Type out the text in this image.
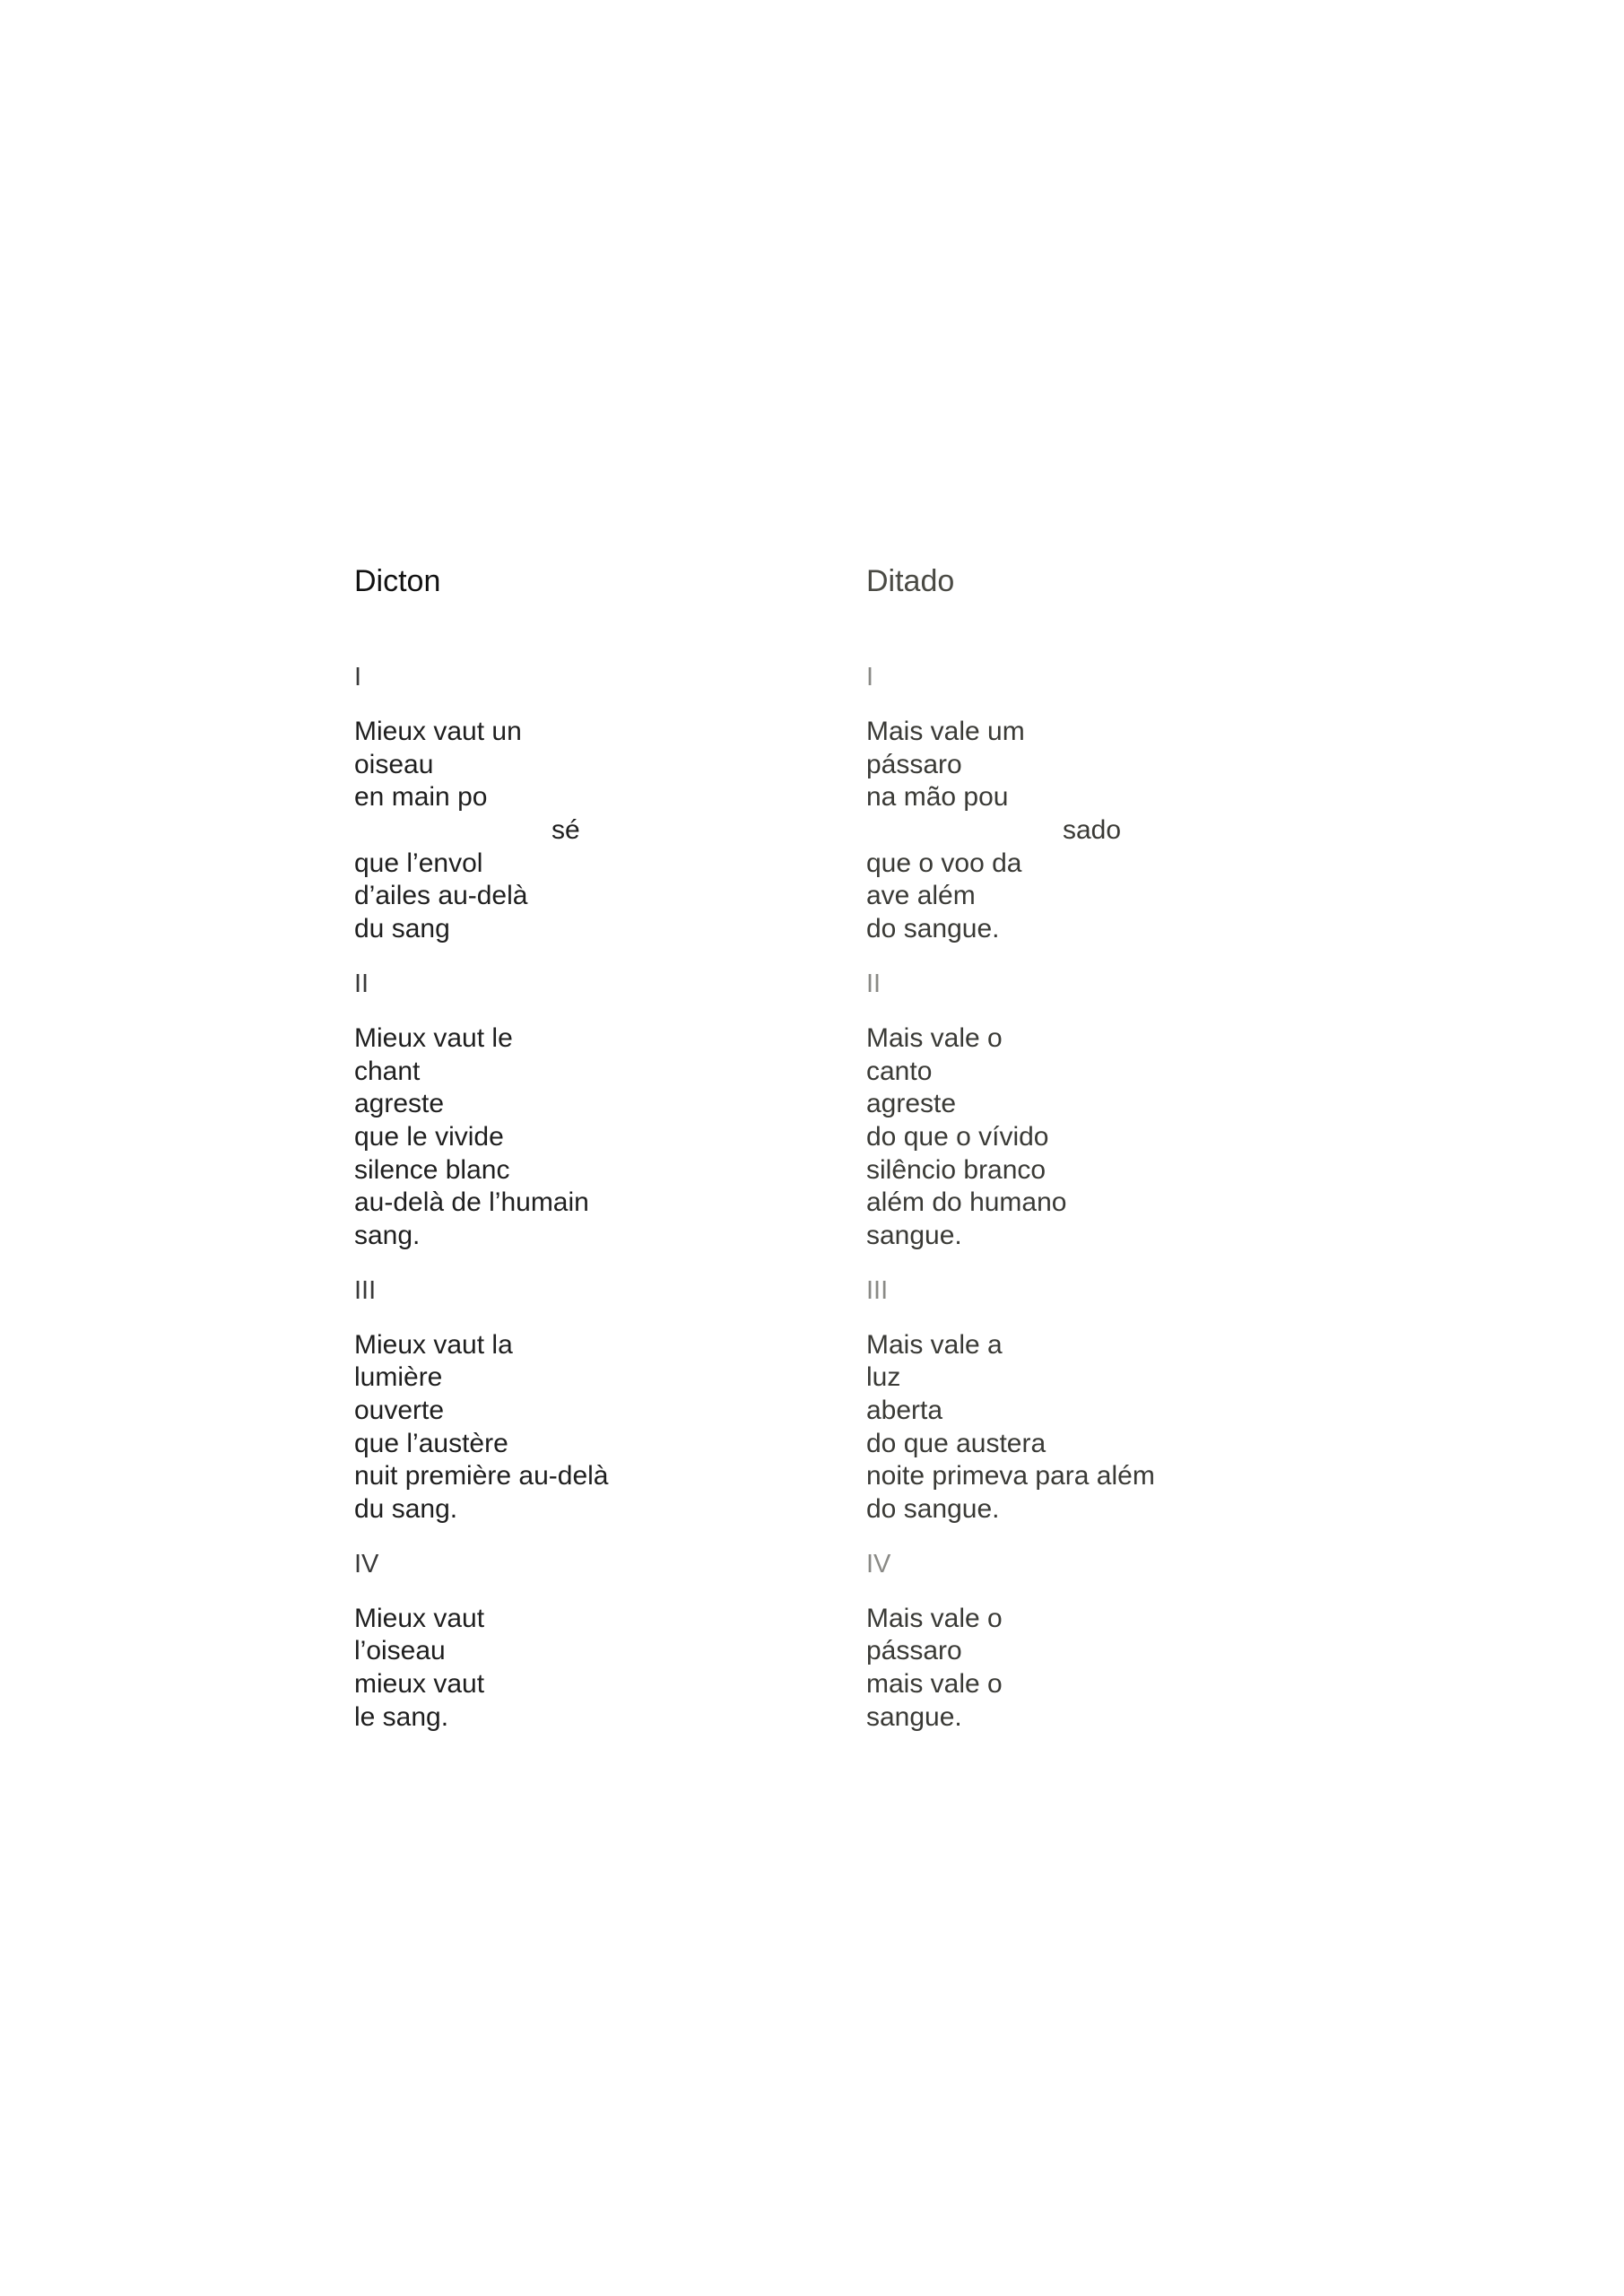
Dicton

I

Mieux vaut un

oiseau

en main po

sé

que l’envol

d’ailes au-delà

du sang

II

Mieux vaut le

chant

agreste

que le vivide

silence blanc

au-delà de l’humain

sang.

III

Mieux vaut la

lumière

ouverte

que l’austère

nuit première au-delà

du sang.

IV

Mieux vaut

l’oiseau

mieux vaut

le sang.

Ditado

I

Mais vale um

pássaro

na mão pou

sado

que o voo da

ave além

do sangue.

II

Mais vale o

canto

agreste

do que o vívido

silêncio branco

além do humano

sangue.

III

Mais vale a

luz

aberta

do que austera

noite primeva para além

do sangue.

IV

Mais vale o

pássaro

mais vale o

sangue.
